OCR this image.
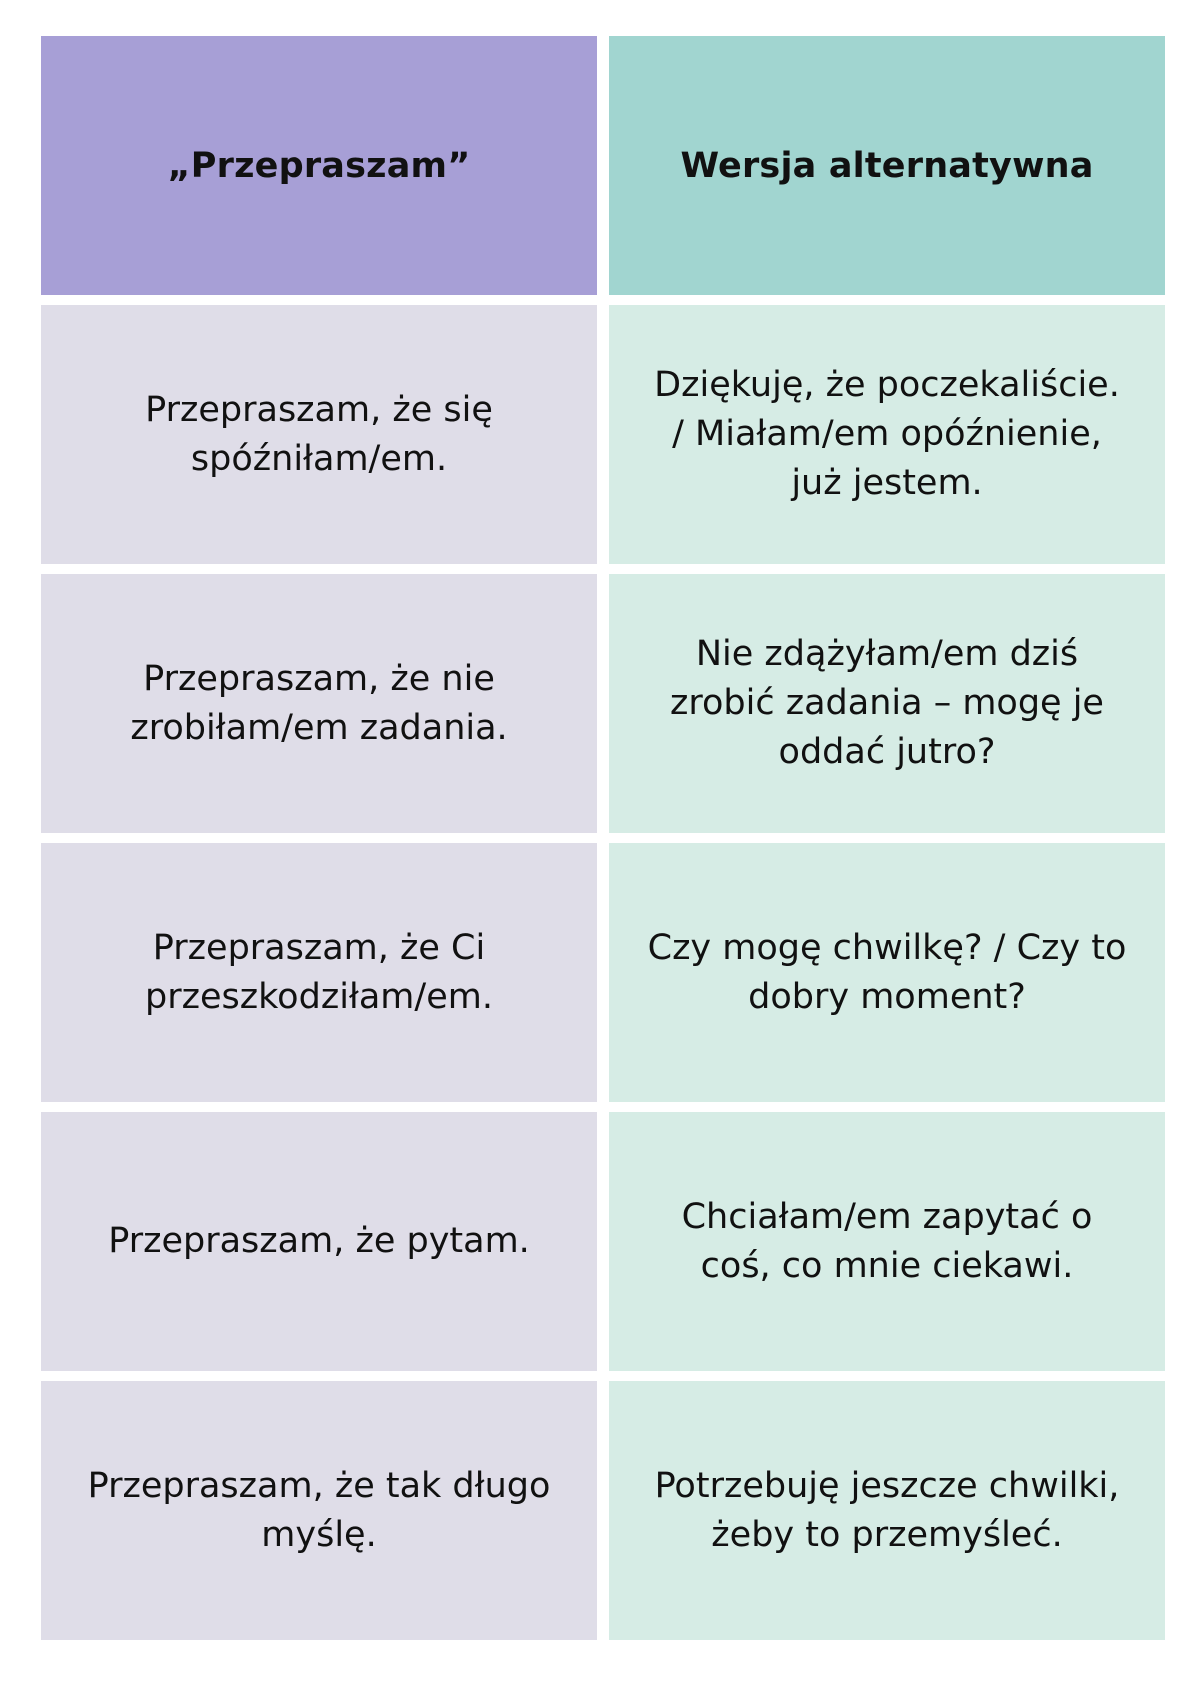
„Przepraszam”	Wersja alternatywna
Przepraszam, że się spóźniłam/em.
Dziękuję, że poczekaliście. / Miałam/em opóźnienie, już jestem.
Przepraszam, że nie zrobiłam/em zadania.
Nie zdążyłam/em dziś zrobić zadania – mogę je oddać jutro?
Przepraszam, że Ci przeszkodziłam/em.
Czy mogę chwilkę? / Czy to dobry moment?
Przepraszam, że pytam.
Chciałam/em zapytać o coś, co mnie ciekawi.
Przepraszam, że tak długo myślę.
Potrzebuję jeszcze chwilki, żeby to przemyśleć.
